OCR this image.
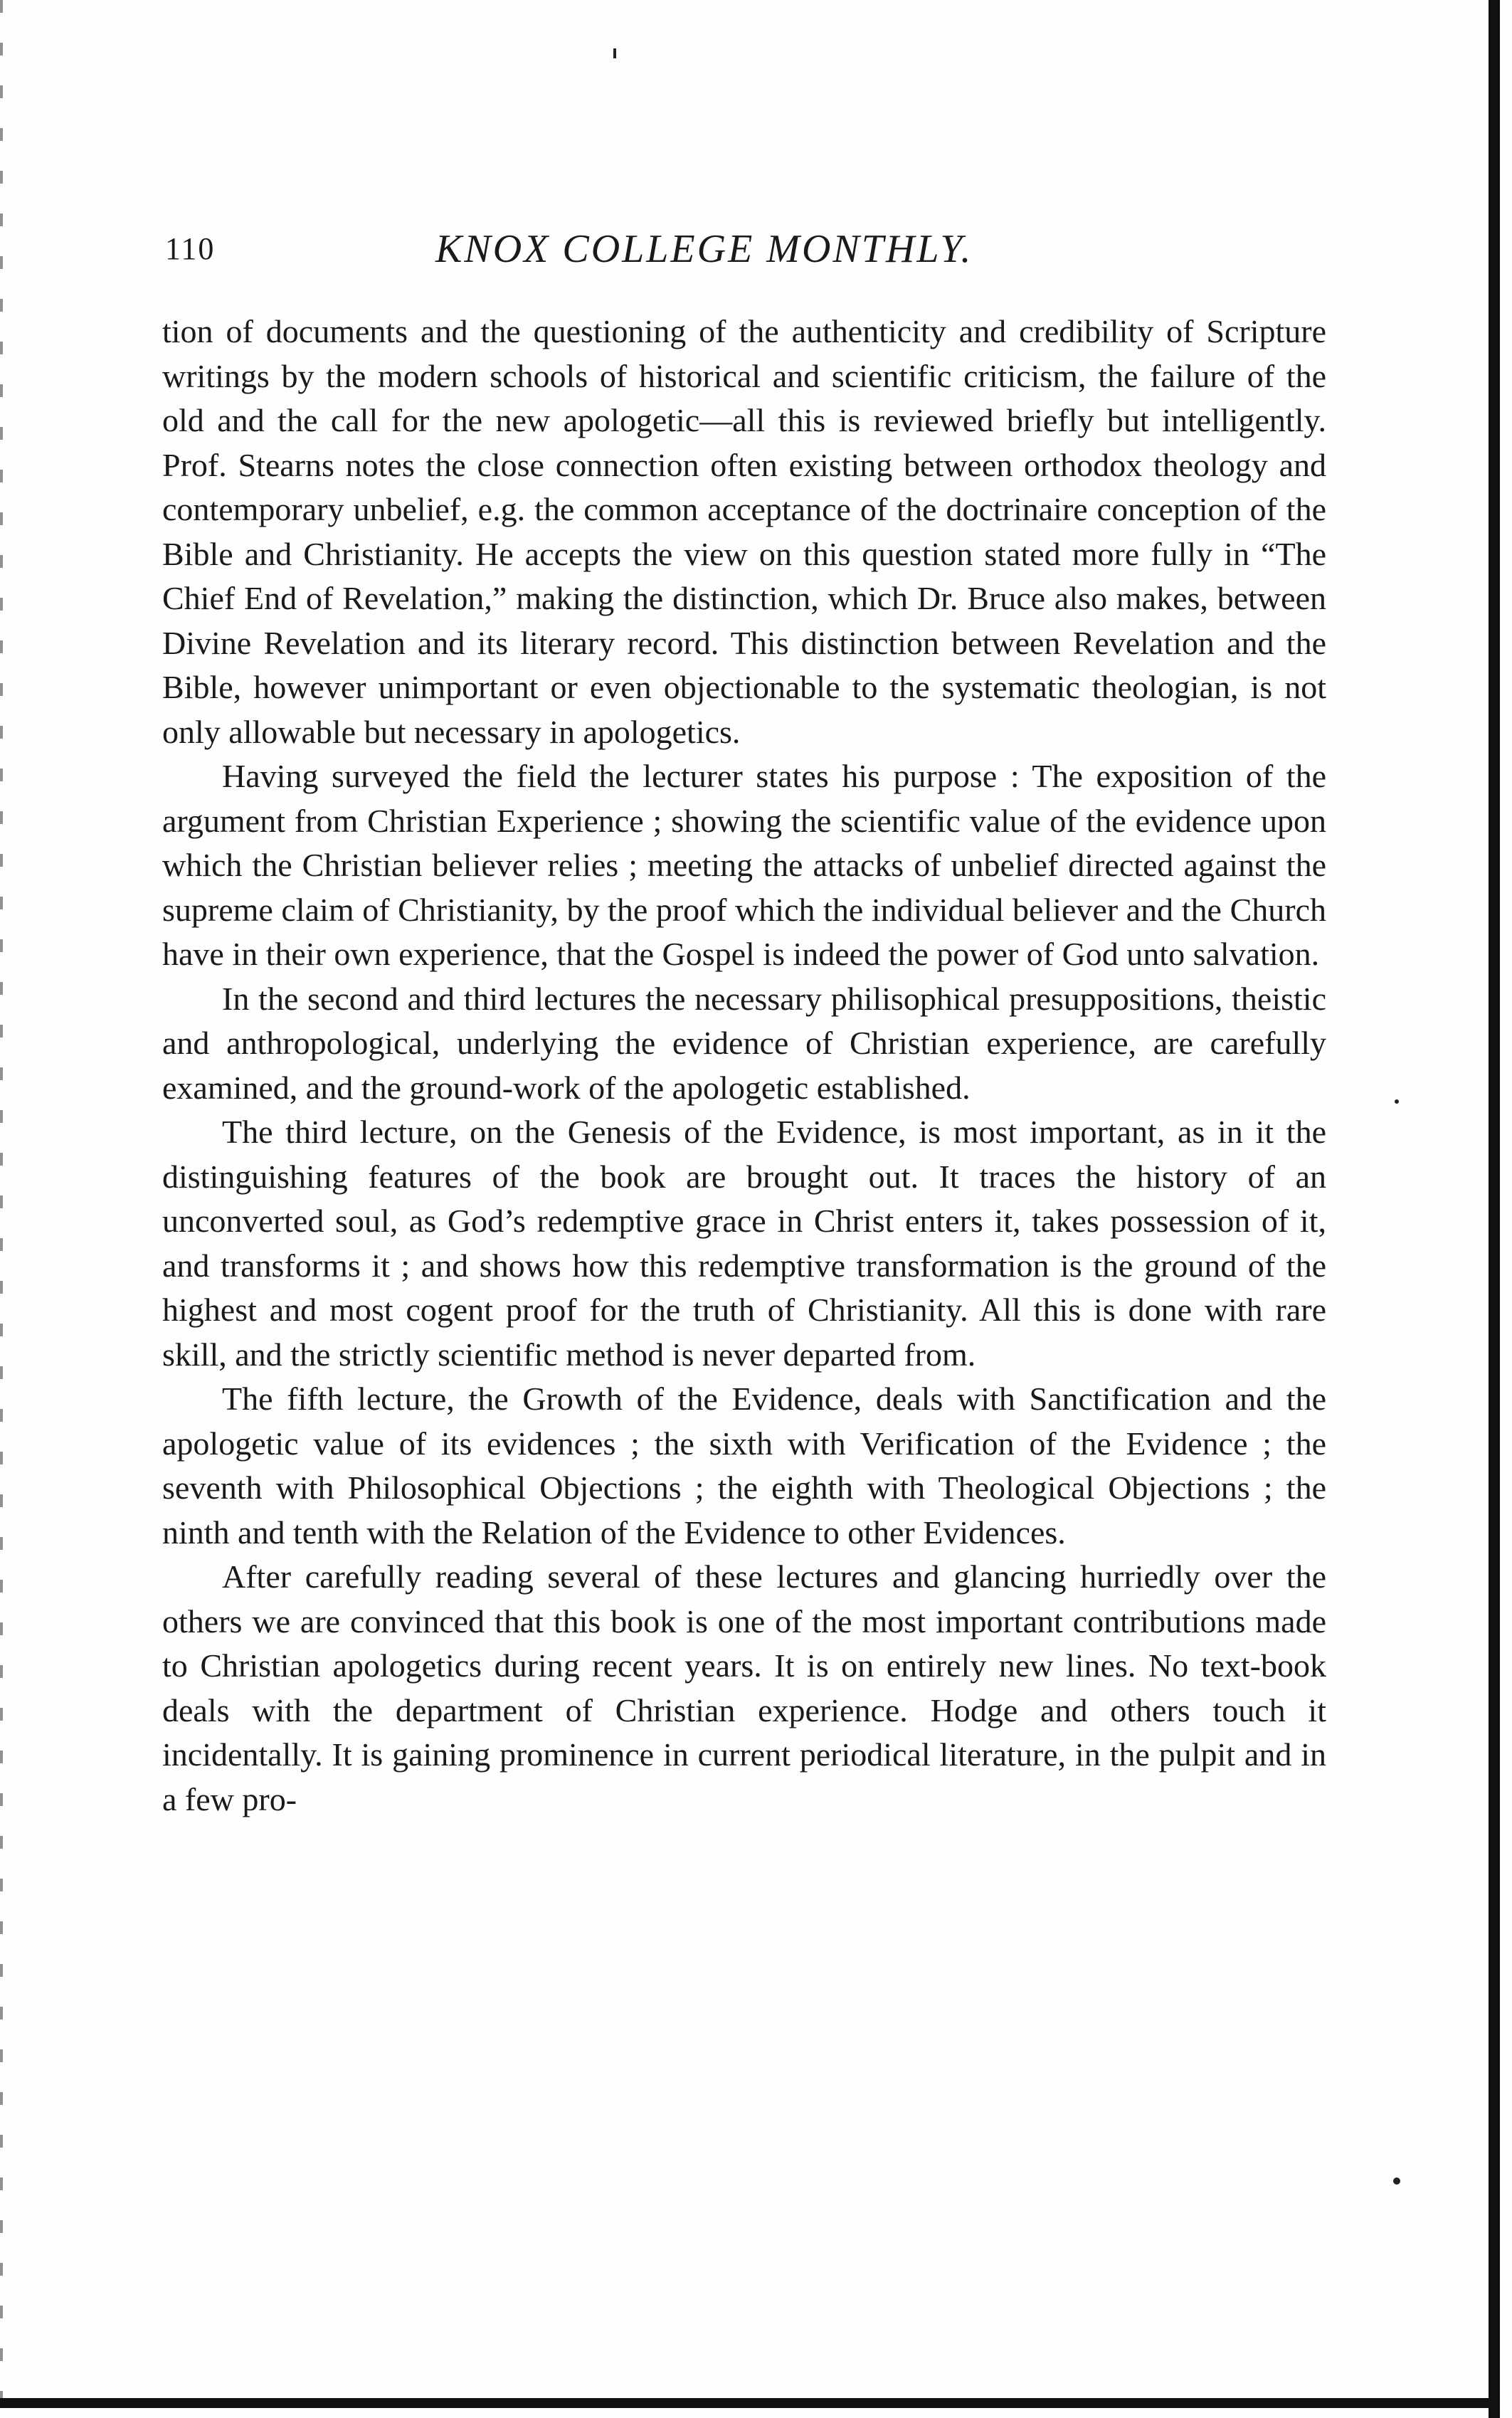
110	KNOX COLLEGE MONTHLY.

tion of documents and the questioning of the authenticity and credibility of Scripture writings by the modern schools of historical and scientific criticism, the failure of the old and the call for the new apologetic—all this is reviewed briefly but intelligently. Prof. Stearns notes the close connection often existing between orthodox theology and contemporary unbelief, e.g. the common acceptance of the doctrinaire conception of the Bible and Christianity. He accepts the view on this question stated more fully in “The Chief End of Revelation,” making the distinction, which Dr. Bruce also makes, between Divine Revelation and its literary record. This distinction between Revelation and the Bible, however unimportant or even objectionable to the systematic theologian, is not only allowable but necessary in apologetics.

Having surveyed the field the lecturer states his purpose : The exposition of the argument from Christian Experience ; showing the scientific value of the evidence upon which the Christian believer relies ; meeting the attacks of unbelief directed against the supreme claim of Christianity, by the proof which the individual believer and the Church have in their own experience, that the Gospel is indeed the power of God unto salvation.

In the second and third lectures the necessary philisophical presuppositions, theistic and anthropological, underlying the evidence of Christian experience, are carefully examined, and the ground-work of the apologetic established.

The third lecture, on the Genesis of the Evidence, is most important, as in it the distinguishing features of the book are brought out. It traces the history of an unconverted soul, as God’s redemptive grace in Christ enters it, takes possession of it, and transforms it ; and shows how this redemptive transformation is the ground of the highest and most cogent proof for the truth of Christianity. All this is done with rare skill, and the strictly scientific method is never departed from.

The fifth lecture, the Growth of the Evidence, deals with Sanctification and the apologetic value of its evidences ; the sixth with Verification of the Evidence ; the seventh with Philosophical Objections ; the eighth with Theological Objections ; the ninth and tenth with the Relation of the Evidence to other Evidences.

After carefully reading several of these lectures and glancing hurriedly over the others we are convinced that this book is one of the most important contributions made to Christian apologetics during recent years. It is on entirely new lines. No text-book deals with the department of Christian experience. Hodge and others touch it incidentally. It is gaining prominence in current periodical literature, in the pulpit and in a few pro-
